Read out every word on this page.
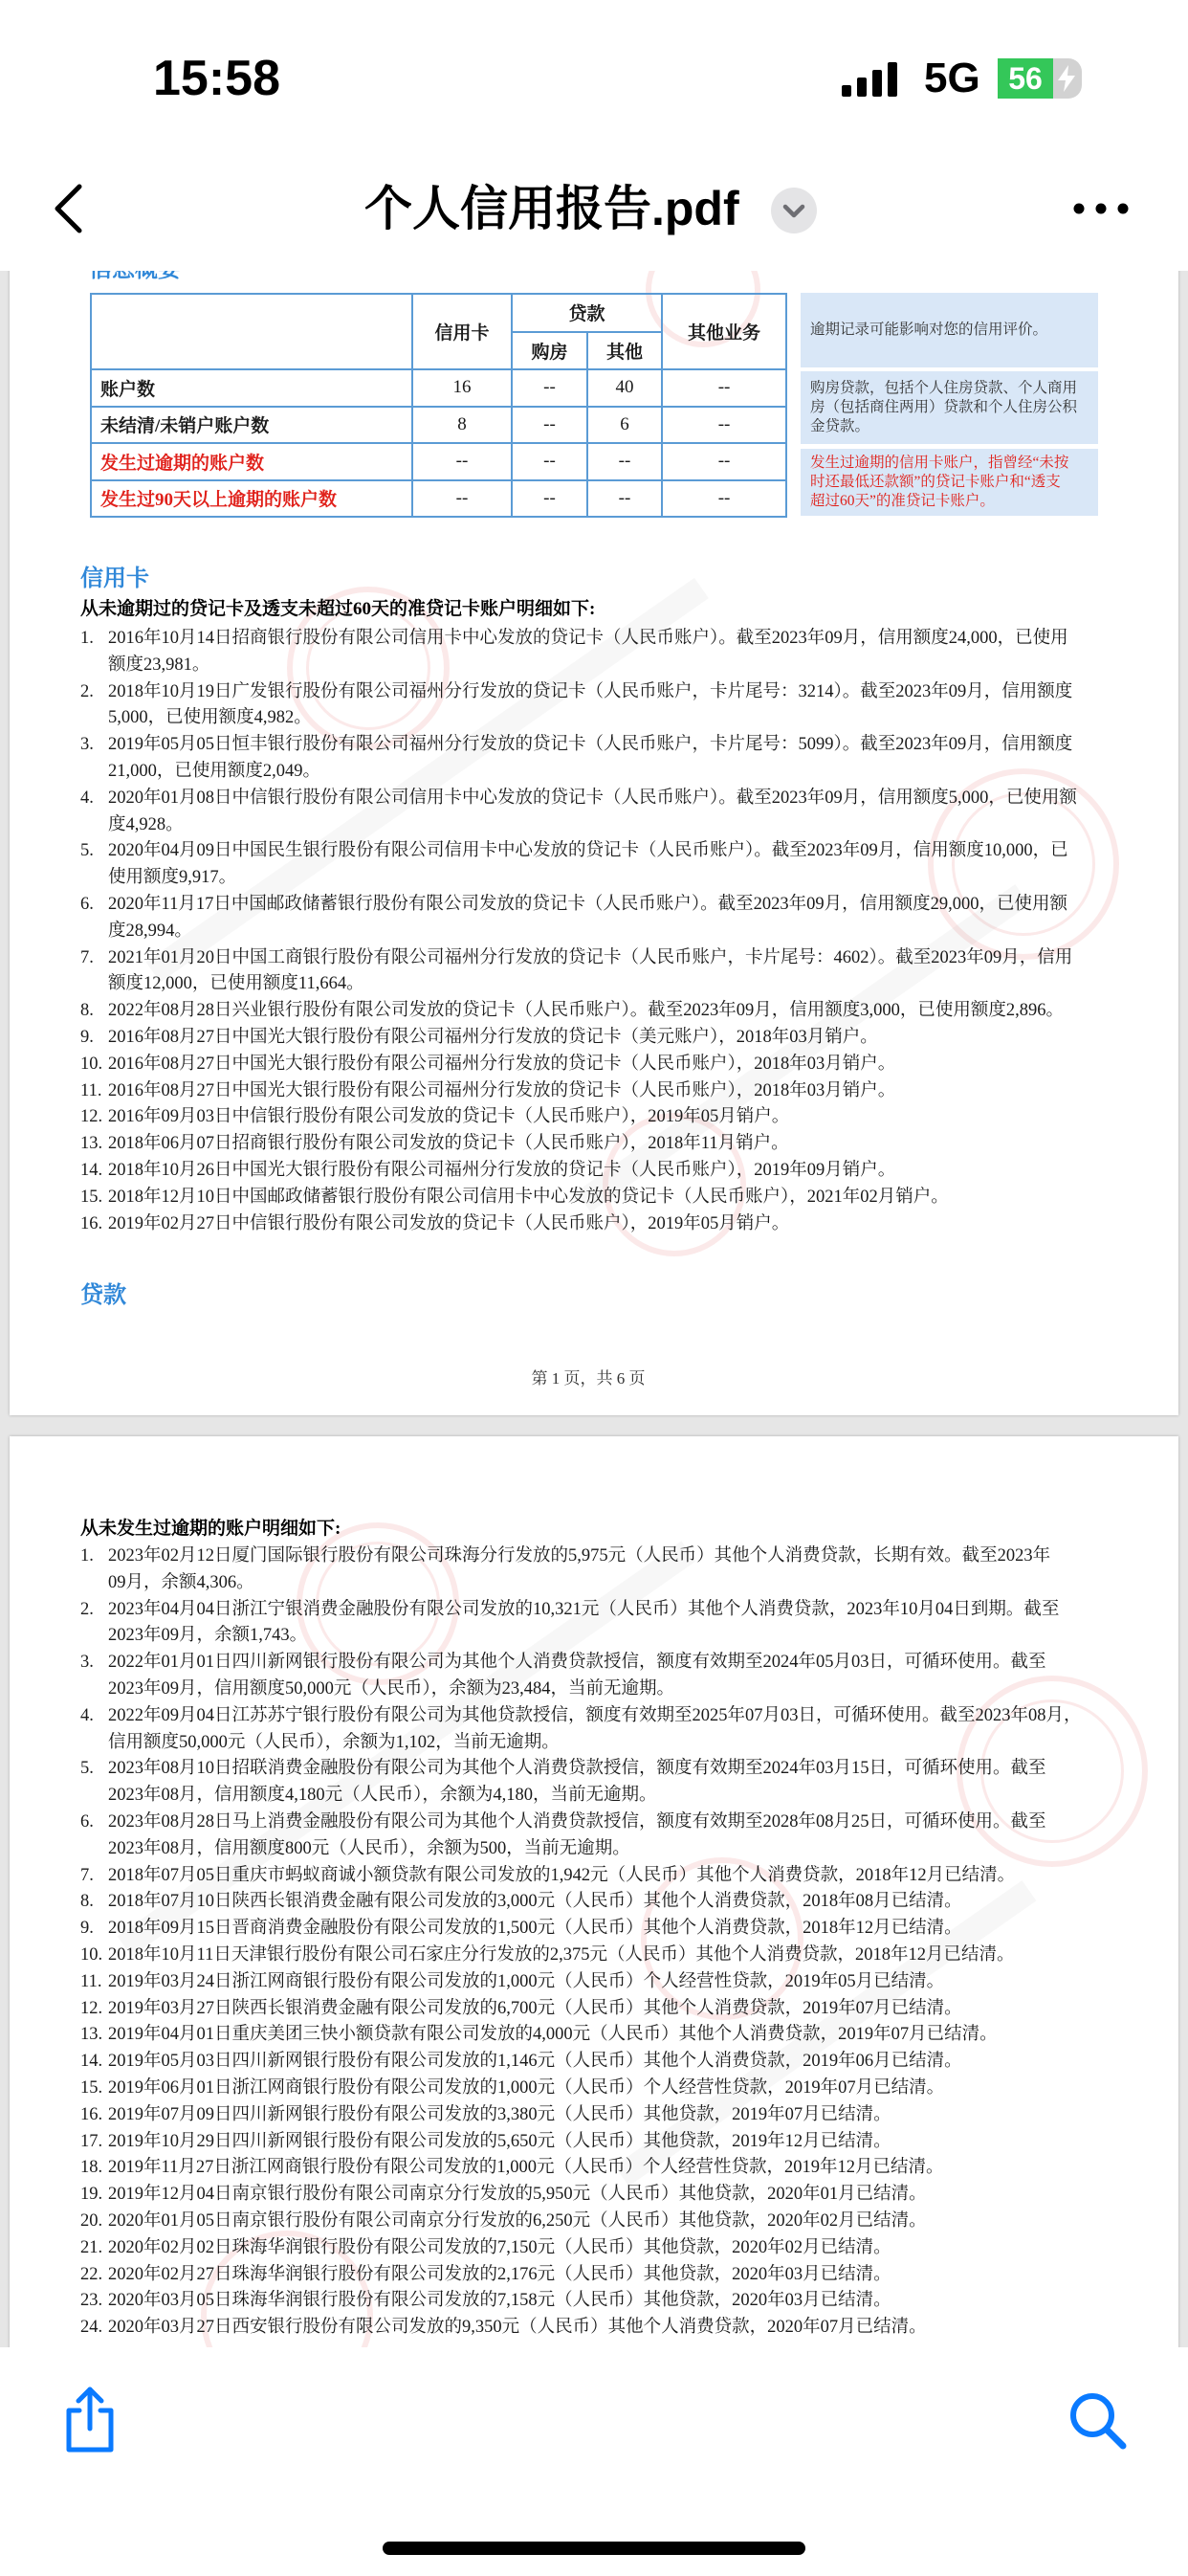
15:58	5G 56
个人信用报告.pdf
	信用卡	贷款		其他业务
		购房	其他	
账户数	16	--	40	--
未结清/未销户账户数	8	--	6	--
发生过逾期的账户数	--	--	--	--
发生过90天以上逾期的账户数	--	--	--	--
逾期记录可能影响对您的信用评价。
购房贷款，包括个人住房贷款、个人商用
房（包括商住两用）贷款和个人住房公积
金贷款。
发生过逾期的信用卡账户，指曾经“未按
时还最低还款额”的贷记卡账户和“透支
超过60天”的准贷记卡账户。
信用卡
从未逾期过的贷记卡及透支未超过60天的准贷记卡账户明细如下:
1. 2016年10月14日招商银行股份有限公司信用卡中心发放的贷记卡（人民币账户）。截至2023年09月，信用额度24,000，已使用
额度23,981。
2. 2018年10月19日广发银行股份有限公司福州分行发放的贷记卡（人民币账户，卡片尾号：3214）。截至2023年09月，信用额度
5,000，已使用额度4,982。
3. 2019年05月05日恒丰银行股份有限公司福州分行发放的贷记卡（人民币账户，卡片尾号：5099）。截至2023年09月，信用额度
21,000，已使用额度2,049。
4. 2020年01月08日中信银行股份有限公司信用卡中心发放的贷记卡（人民币账户）。截至2023年09月，信用额度5,000，已使用额
度4,928。
5. 2020年04月09日中国民生银行股份有限公司信用卡中心发放的贷记卡（人民币账户）。截至2023年09月，信用额度10,000，已
使用额度9,917。
6. 2020年11月17日中国邮政储蓄银行股份有限公司发放的贷记卡（人民币账户）。截至2023年09月，信用额度29,000，已使用额
度28,994。
7. 2021年01月20日中国工商银行股份有限公司福州分行发放的贷记卡（人民币账户，卡片尾号：4602）。截至2023年09月，信用
额度12,000，已使用额度11,664。
8. 2022年08月28日兴业银行股份有限公司发放的贷记卡（人民币账户）。截至2023年09月，信用额度3,000，已使用额度2,896。
9. 2016年08月27日中国光大银行股份有限公司福州分行发放的贷记卡（美元账户），2018年03月销户。
10. 2016年08月27日中国光大银行股份有限公司福州分行发放的贷记卡（人民币账户），2018年03月销户。
11. 2016年08月27日中国光大银行股份有限公司福州分行发放的贷记卡（人民币账户），2018年03月销户。
12. 2016年09月03日中信银行股份有限公司发放的贷记卡（人民币账户），2019年05月销户。
13. 2018年06月07日招商银行股份有限公司发放的贷记卡（人民币账户），2018年11月销户。
14. 2018年10月26日中国光大银行股份有限公司福州分行发放的贷记卡（人民币账户），2019年09月销户。
15. 2018年12月10日中国邮政储蓄银行股份有限公司信用卡中心发放的贷记卡（人民币账户），2021年02月销户。
16. 2019年02月27日中信银行股份有限公司发放的贷记卡（人民币账户），2019年05月销户。
贷款
第 1 页，共 6 页
从未发生过逾期的账户明细如下:
1. 2023年02月12日厦门国际银行股份有限公司珠海分行发放的5,975元（人民币）其他个人消费贷款，长期有效。截至2023年
09月，余额4,306。
2. 2023年04月04日浙江宁银消费金融股份有限公司发放的10,321元（人民币）其他个人消费贷款，2023年10月04日到期。截至
2023年09月，余额1,743。
3. 2022年01月01日四川新网银行股份有限公司为其他个人消费贷款授信，额度有效期至2024年05月03日，可循环使用。截至
2023年09月，信用额度50,000元（人民币），余额为23,484，当前无逾期。
4. 2022年09月04日江苏苏宁银行股份有限公司为其他贷款授信，额度有效期至2025年07月03日，可循环使用。截至2023年08月，
信用额度50,000元（人民币），余额为1,102，当前无逾期。
5. 2023年08月10日招联消费金融股份有限公司为其他个人消费贷款授信，额度有效期至2024年03月15日，可循环使用。截至
2023年08月，信用额度4,180元（人民币），余额为4,180，当前无逾期。
6. 2023年08月28日马上消费金融股份有限公司为其他个人消费贷款授信，额度有效期至2028年08月25日，可循环使用。截至
2023年08月，信用额度800元（人民币），余额为500，当前无逾期。
7. 2018年07月05日重庆市蚂蚁商诚小额贷款有限公司发放的1,942元（人民币）其他个人消费贷款，2018年12月已结清。
8. 2018年07月10日陕西长银消费金融有限公司发放的3,000元（人民币）其他个人消费贷款，2018年08月已结清。
9. 2018年09月15日晋商消费金融股份有限公司发放的1,500元（人民币）其他个人消费贷款，2018年12月已结清。
10. 2018年10月11日天津银行股份有限公司石家庄分行发放的2,375元（人民币）其他个人消费贷款，2018年12月已结清。
11. 2019年03月24日浙江网商银行股份有限公司发放的1,000元（人民币）个人经营性贷款，2019年05月已结清。
12. 2019年03月27日陕西长银消费金融有限公司发放的6,700元（人民币）其他个人消费贷款，2019年07月已结清。
13. 2019年04月01日重庆美团三快小额贷款有限公司发放的4,000元（人民币）其他个人消费贷款，2019年07月已结清。
14. 2019年05月03日四川新网银行股份有限公司发放的1,146元（人民币）其他个人消费贷款，2019年06月已结清。
15. 2019年06月01日浙江网商银行股份有限公司发放的1,000元（人民币）个人经营性贷款，2019年07月已结清。
16. 2019年07月09日四川新网银行股份有限公司发放的3,380元（人民币）其他贷款，2019年07月已结清。
17. 2019年10月29日四川新网银行股份有限公司发放的5,650元（人民币）其他贷款，2019年12月已结清。
18. 2019年11月27日浙江网商银行股份有限公司发放的1,000元（人民币）个人经营性贷款，2019年12月已结清。
19. 2019年12月04日南京银行股份有限公司南京分行发放的5,950元（人民币）其他贷款，2020年01月已结清。
20. 2020年01月05日南京银行股份有限公司南京分行发放的6,250元（人民币）其他贷款，2020年02月已结清。
21. 2020年02月02日珠海华润银行股份有限公司发放的7,150元（人民币）其他贷款，2020年02月已结清。
22. 2020年02月27日珠海华润银行股份有限公司发放的2,176元（人民币）其他贷款，2020年03月已结清。
23. 2020年03月05日珠海华润银行股份有限公司发放的7,158元（人民币）其他贷款，2020年03月已结清。
24. 2020年03月27日西安银行股份有限公司发放的9,350元（人民币）其他个人消费贷款，2020年07月已结清。
